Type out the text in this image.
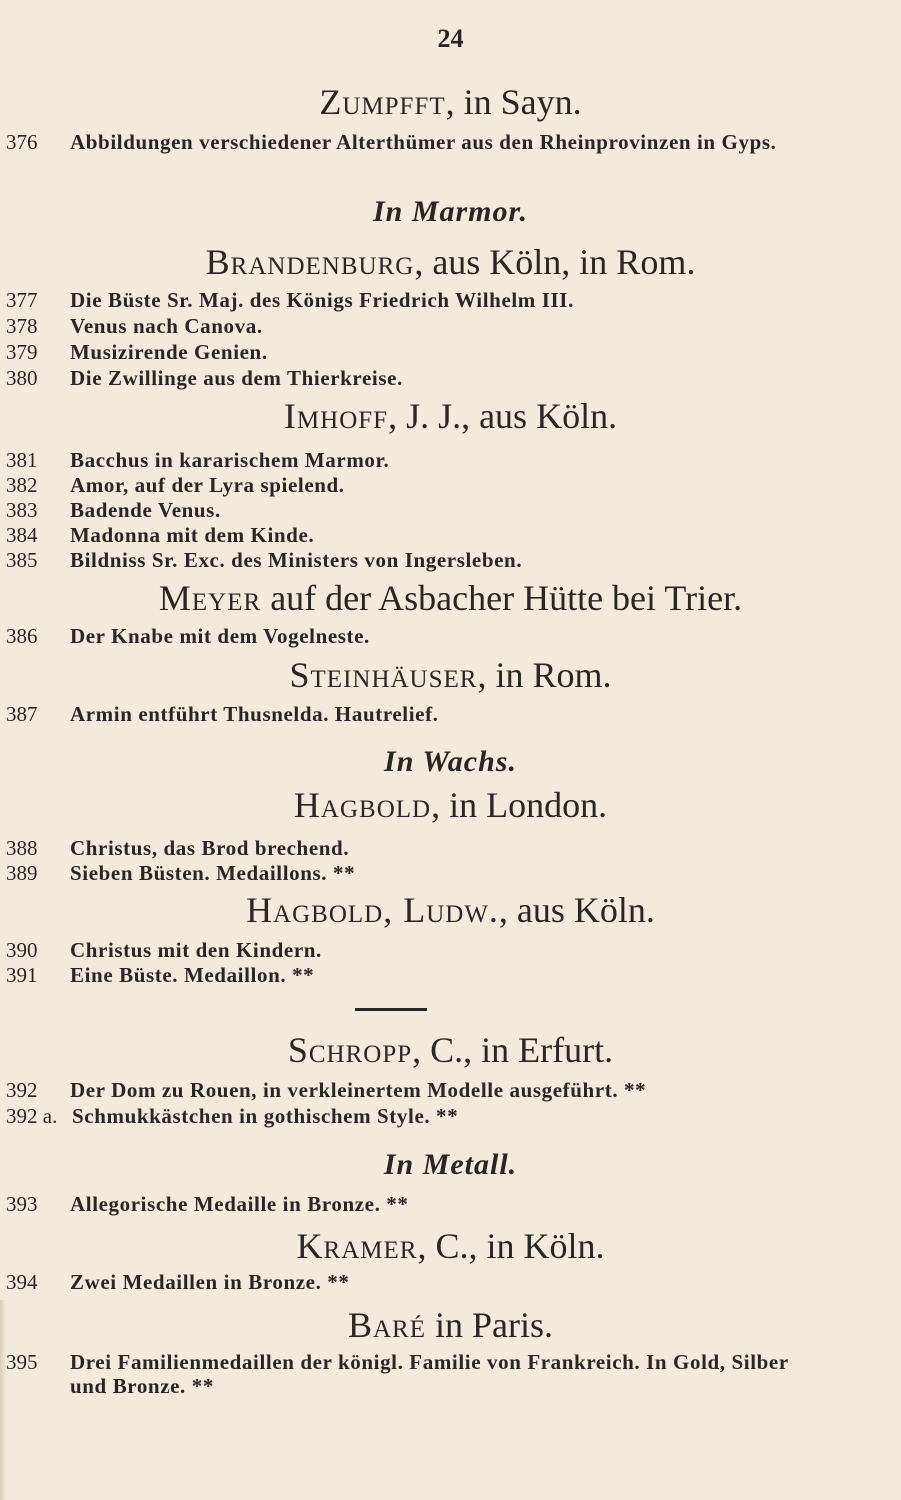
24
Zumpfft, in Sayn.
376	Abbildungen verschiedener Alterthümer aus den Rheinprovinzen in Gyps.
In Marmor.
Brandenburg, aus Köln, in Rom.
377	Die Büste Sr. Maj. des Königs Friedrich Wilhelm III.
378	Venus nach Canova.
379	Musizirende Genien.
380	Die Zwillinge aus dem Thierkreise.
Imhoff, J. J., aus Köln.
381	Bacchus in kararischem Marmor.
382	Amor, auf der Lyra spielend.
383	Badende Venus.
384	Madonna mit dem Kinde.
385	Bildniss Sr. Exc. des Ministers von Ingersleben.
Meyer auf der Asbacher Hütte bei Trier.
386	Der Knabe mit dem Vogelneste.
Steinhäuser, in Rom.
387	Armin entführt Thusnelda. Hautrelief.
In Wachs.
Hagbold, in London.
388	Christus, das Brod brechend.
389	Sieben Büsten. Medaillons. **
Hagbold, Ludw., aus Köln.
390	Christus mit den Kindern.
391	Eine Büste. Medaillon. **
Schropp, C., in Erfurt.
392	Der Dom zu Rouen, in verkleinertem Modelle ausgeführt. **
392 a. Schmukkästchen in gothischem Style. **
In Metall.
393	Allegorische Medaille in Bronze. **
Kramer, C., in Köln.
394	Zwei Medaillen in Bronze. **
Baré in Paris.
395	Drei Familienmedaillen der königl. Familie von Frankreich. In Gold, Silber und Bronze. **
